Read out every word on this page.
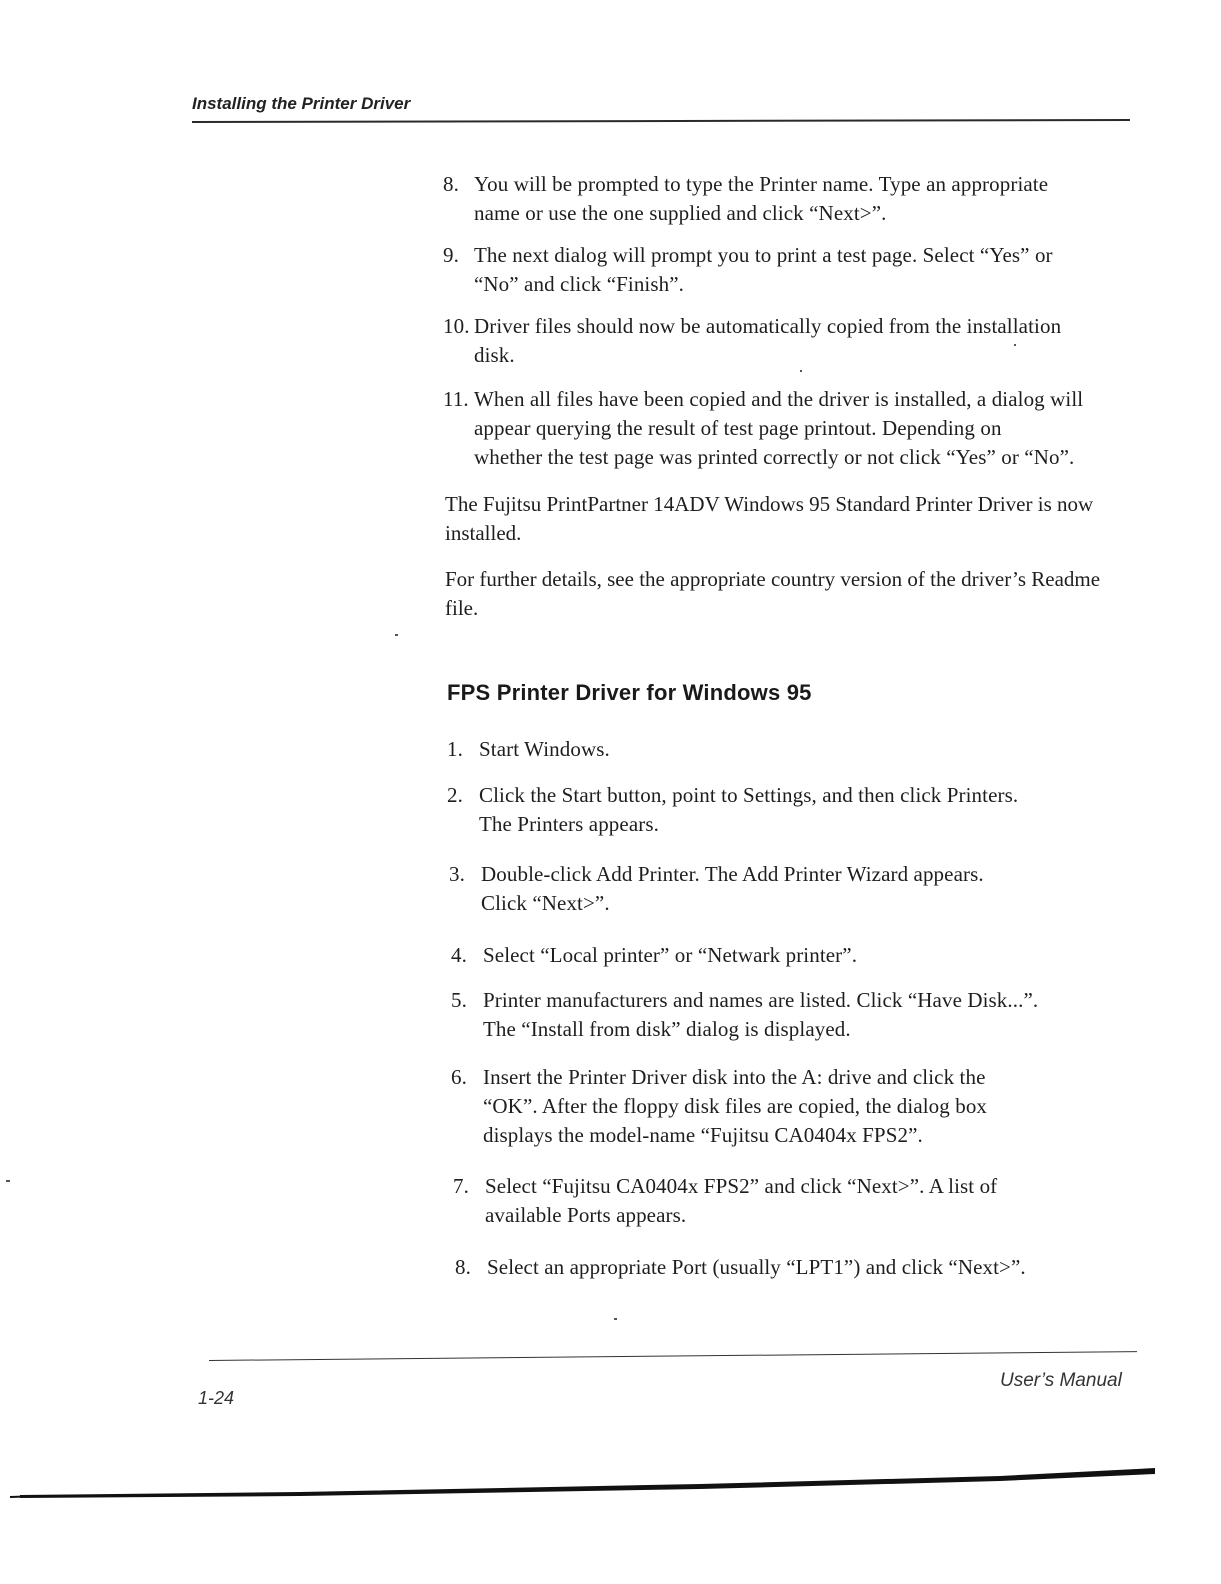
Installing the Printer Driver
8. You will be prompted to type the Printer name. Type an appropriate
name or use the one supplied and click “Next>”.
9. The next dialog will prompt you to print a test page. Select “Yes” or
“No” and click “Finish”.
10. Driver files should now be automatically copied from the installation
disk.
11. When all files have been copied and the driver is installed, a dialog will
appear querying the result of test page printout. Depending on
whether the test page was printed correctly or not click “Yes” or “No”.
The Fujitsu PrintPartner 14ADV Windows 95 Standard Printer Driver is now installed.
For further details, see the appropriate country version of the driver’s Readme file.
FPS Printer Driver for Windows 95
1. Start Windows.
2. Click the Start button, point to Settings, and then click Printers.
The Printers appears.
3. Double-click Add Printer. The Add Printer Wizard appears.
Click “Next>”.
4. Select “Local printer” or “Netwark printer”.
5. Printer manufacturers and names are listed. Click “Have Disk...”.
The “Install from disk” dialog is displayed.
6. Insert the Printer Driver disk into the A: drive and click the
“OK”. After the floppy disk files are copied, the dialog box
displays the model-name “Fujitsu CA0404x FPS2”.
7. Select “Fujitsu CA0404x FPS2” and click “Next>”. A list of
available Ports appears.
8. Select an appropriate Port (usually “LPT1”) and click “Next>”.
User’s Manual
1-24
